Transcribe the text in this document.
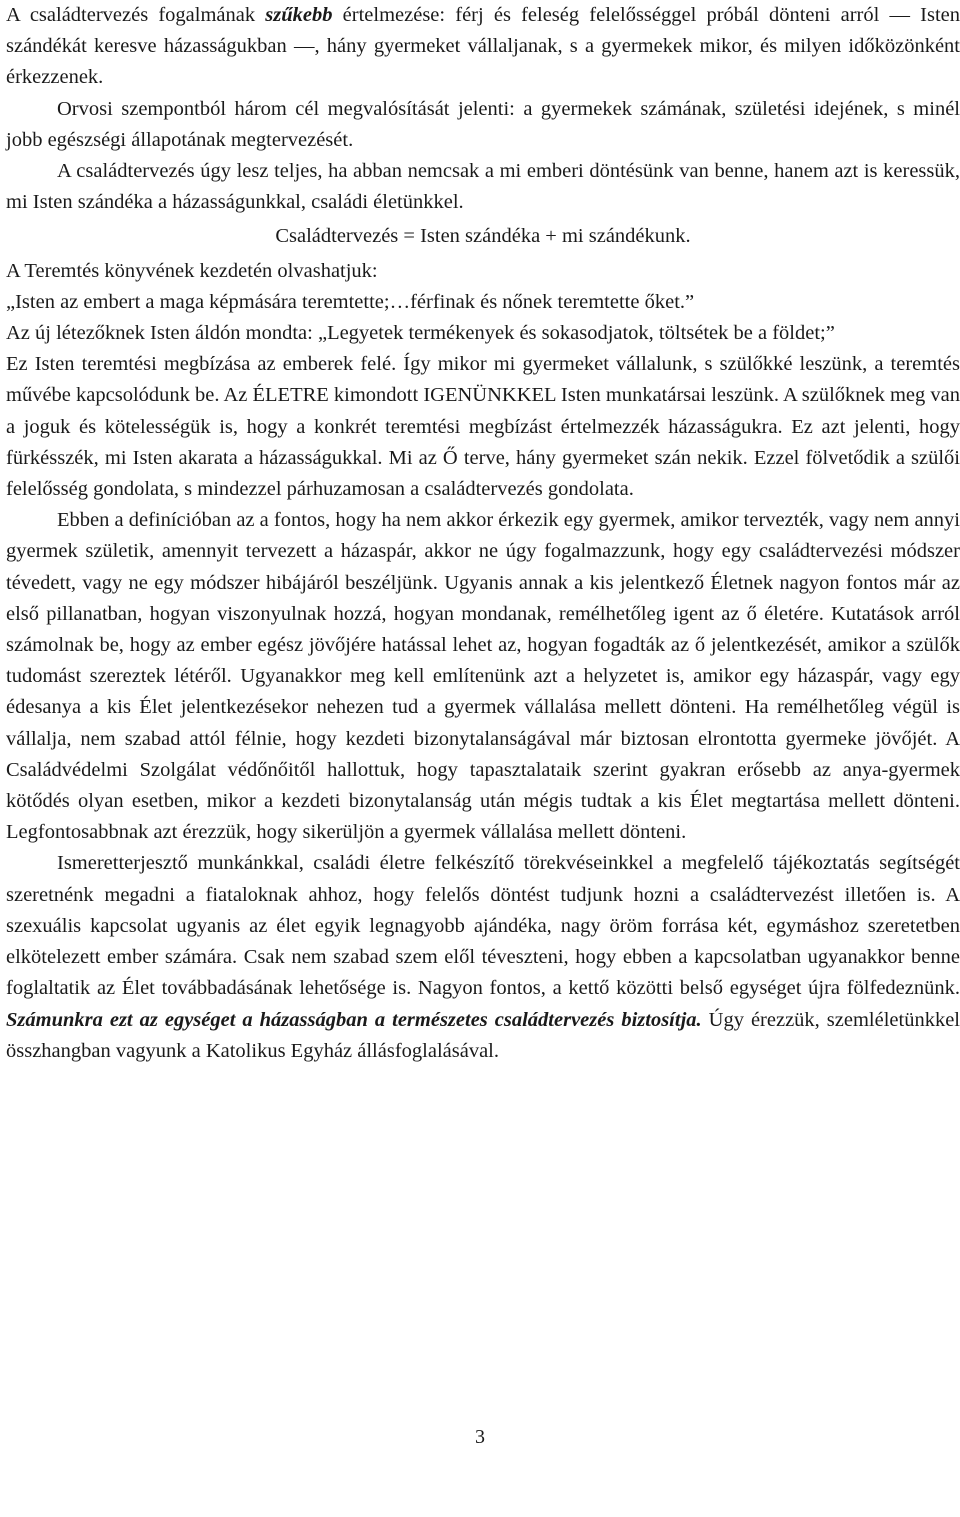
A családtervezés fogalmának szűkebb értelmezése: férj és feleség felelősséggel próbál dönteni arról ― Isten szándékát keresve házasságukban ―, hány gyermeket vállaljanak, s a gyermekek mikor, és milyen időközönként érkezzenek.

Orvosi szempontból három cél megvalósítását jelenti: a gyermekek számának, születési idejének, s minél jobb egészségi állapotának megtervezését.

A családtervezés úgy lesz teljes, ha abban nemcsak a mi emberi döntésünk van benne, hanem azt is keressük, mi Isten szándéka a házasságunkkal, családi életünkkel.

Családtervezés = Isten szándéka + mi szándékunk.

A Teremtés könyvének kezdetén olvashatjuk:

„Isten az embert a maga képmására teremtette;…férfinak és nőnek teremtette őket.”

Az új létezőknek Isten áldón mondta: „Legyetek termékenyek és sokasodjatok, töltsétek be a földet;”

Ez Isten teremtési megbízása az emberek felé. Így mikor mi gyermeket vállalunk, s szülőkké leszünk, a teremtés művébe kapcsolódunk be. Az ÉLETRE kimondott IGENÜNKKEL Isten munkatársai leszünk. A szülőknek meg van a joguk és kötelességük is, hogy a konkrét teremtési megbízást értelmezzék házasságukra. Ez azt jelenti, hogy fürkésszék, mi Isten akarata a házasságukkal. Mi az Ő terve, hány gyermeket szán nekik. Ezzel fölvetődik a szülői felelősség gondolata, s mindezzel párhuzamosan a családtervezés gondolata.

Ebben a definícióban az a fontos, hogy ha nem akkor érkezik egy gyermek, amikor tervezték, vagy nem annyi gyermek születik, amennyit tervezett a házaspár, akkor ne úgy fogalmazzunk, hogy egy családtervezési módszer tévedett, vagy ne egy módszer hibájáról beszéljünk. Ugyanis annak a kis jelentkező Életnek nagyon fontos már az első pillanatban, hogyan viszonyulnak hozzá, hogyan mondanak, remélhetőleg igent az ő életére. Kutatások arról számolnak be, hogy az ember egész jövőjére hatással lehet az, hogyan fogadták az ő jelentkezését, amikor a szülők tudomást szereztek létéről. Ugyanakkor meg kell említenünk azt a helyzetet is, amikor egy házaspár, vagy egy édesanya a kis Élet jelentkezésekor nehezen tud a gyermek vállalása mellett dönteni. Ha remélhetőleg végül is vállalja, nem szabad attól félnie, hogy kezdeti bizonytalanságával már biztosan elrontotta gyermeke jövőjét. A Családvédelmi Szolgálat védőnőitől hallottuk, hogy tapasztalataik szerint gyakran erősebb az anya-gyermek kötődés olyan esetben, mikor a kezdeti bizonytalanság után mégis tudtak a kis Élet megtartása mellett dönteni. Legfontosabbnak azt érezzük, hogy sikerüljön a gyermek vállalása mellett dönteni.

Ismeretterjesztő munkánkkal, családi életre felkészítő törekvéseinkkel a megfelelő tájékoztatás segítségét szeretnénk megadni a fiataloknak ahhoz, hogy felelős döntést tudjunk hozni a családtervezést illetően is. A szexuális kapcsolat ugyanis az élet egyik legnagyobb ajándéka, nagy öröm forrása két, egymáshoz szeretetben elkötelezett ember számára. Csak nem szabad szem elől téveszteni, hogy ebben a kapcsolatban ugyanakkor benne foglaltatik az Élet továbbadásának lehetősége is. Nagyon fontos, a kettő közötti belső egységet újra fölfedeznünk. Számunkra ezt az egységet a házasságban a természetes családtervezés biztosítja. Úgy érezzük, szemléletünkkel összhangban vagyunk a Katolikus Egyház állásfoglalásával.

3
